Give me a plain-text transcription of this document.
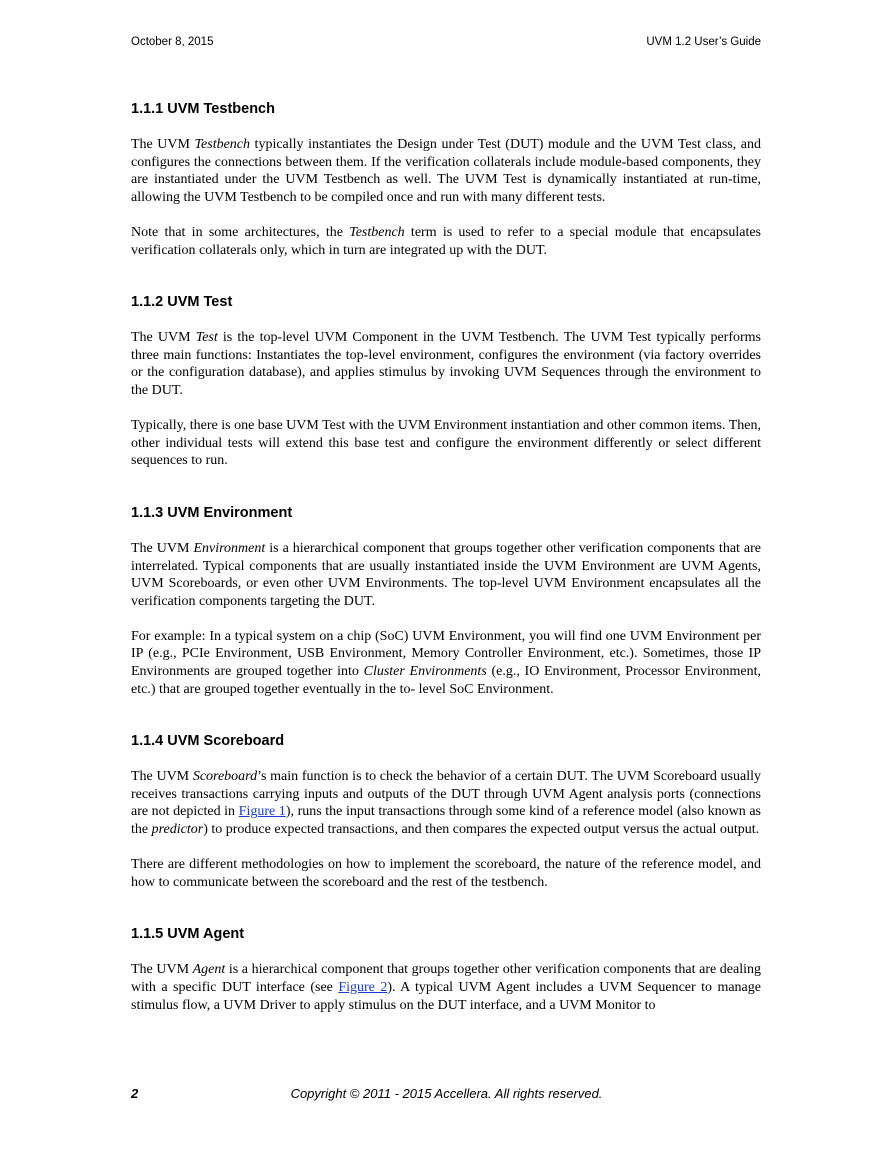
October 8, 2015	UVM 1.2 User’s Guide
1.1.1 UVM Testbench

The UVM Testbench typically instantiates the Design under Test (DUT) module and the UVM Test class, and configures the connections between them. If the verification collaterals include module-based components, they are instantiated under the UVM Testbench as well. The UVM Test is dynamically instantiated at run-time, allowing the UVM Testbench to be compiled once and run with many different tests.

Note that in some architectures, the Testbench term is used to refer to a special module that encapsulates verification collaterals only, which in turn are integrated up with the DUT.

1.1.2 UVM Test

The UVM Test is the top-level UVM Component in the UVM Testbench. The UVM Test typically performs three main functions: Instantiates the top-level environment, configures the environment (via factory overrides or the configuration database), and applies stimulus by invoking UVM Sequences through the environment to the DUT.

Typically, there is one base UVM Test with the UVM Environment instantiation and other common items. Then, other individual tests will extend this base test and configure the environment differently or select different sequences to run.

1.1.3 UVM Environment

The UVM Environment is a hierarchical component that groups together other verification components that are interrelated. Typical components that are usually instantiated inside the UVM Environment are UVM Agents, UVM Scoreboards, or even other UVM Environments. The top-level UVM Environment encapsulates all the verification components targeting the DUT.

For example: In a typical system on a chip (SoC) UVM Environment, you will find one UVM Environment per IP (e.g., PCIe Environment, USB Environment, Memory Controller Environment, etc.). Sometimes, those IP Environments are grouped together into Cluster Environments (e.g., IO Environment, Processor Environment, etc.) that are grouped together eventually in the to- level SoC Environment.

1.1.4 UVM Scoreboard

The UVM Scoreboard’s main function is to check the behavior of a certain DUT. The UVM Scoreboard usually receives transactions carrying inputs and outputs of the DUT through UVM Agent analysis ports (connections are not depicted in Figure 1), runs the input transactions through some kind of a reference model (also known as the predictor) to produce expected transactions, and then compares the expected output versus the actual output.

There are different methodologies on how to implement the scoreboard, the nature of the reference model, and how to communicate between the scoreboard and the rest of the testbench.

1.1.5 UVM Agent

The UVM Agent is a hierarchical component that groups together other verification components that are dealing with a specific DUT interface (see Figure 2). A typical UVM Agent includes a UVM Sequencer to manage stimulus flow, a UVM Driver to apply stimulus on the DUT interface, and a UVM Monitor to

2	Copyright © 2011 - 2015 Accellera. All rights reserved.
